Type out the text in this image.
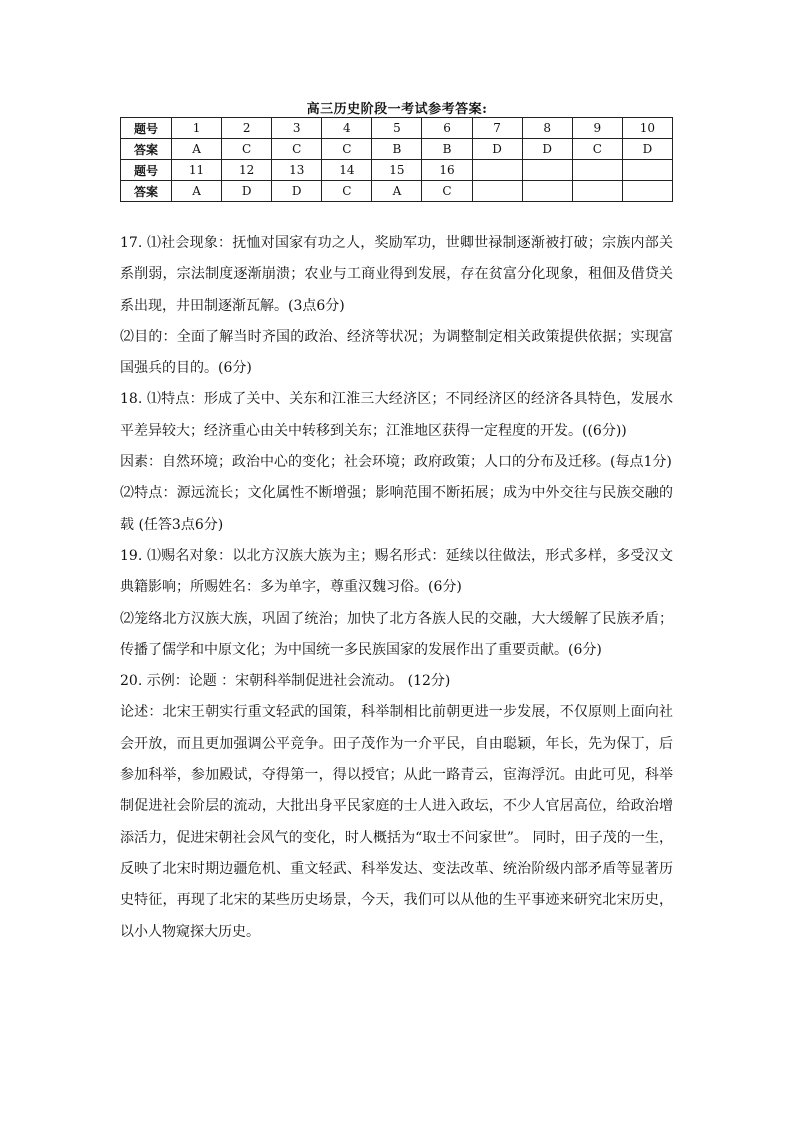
高三历史阶段一考试参考答案:
题号	1	2	3	4	5	6	7	8	9	10
答案	A	C	C	C	B	B	D	D	C	D
题号	11	12	13	14	15	16				
答案	A	D	D	C	A	C				

17. ⑴社会现象：抚恤对国家有功之人，奖励军功，世卿世禄制逐渐被打破；宗族内部关系削弱，宗法制度逐渐崩溃；农业与工商业得到发展，存在贫富分化现象，租佃及借贷关系出现，井田制逐渐瓦解。(3点6分)

⑵目的：全面了解当时齐国的政治、经济等状况；为调整制定相关政策提供依据；实现富国强兵的目的。(6分)

18. ⑴特点：形成了关中、关东和江淮三大经济区；不同经济区的经济各具特色，发展水平差异较大；经济重心由关中转移到关东；江淮地区获得一定程度的开发。((6分))

因素：自然环境；政治中心的变化；社会环境；政府政策；人口的分布及迁移。(每点1分)

⑵特点：源远流长；文化属性不断增强；影响范围不断拓展；成为中外交往与民族交融的载 (任答3点6分)

19. ⑴赐名对象：以北方汉族大族为主；赐名形式：延续以往做法，形式多样，多受汉文典籍影响；所赐姓名：多为单字，尊重汉魏习俗。(6分)

⑵笼络北方汉族大族，巩固了统治；加快了北方各族人民的交融，大大缓解了民族矛盾；传播了儒学和中原文化；为中国统一多民族国家的发展作出了重要贡献。(6分)

20. 示例：论题 ：宋朝科举制促进社会流动。 (12分)

论述：北宋王朝实行重文轻武的国策，科举制相比前朝更进一步发展，不仅原则上面向社会开放，而且更加强调公平竞争。田子茂作为一介平民，自由聪颖，年长，先为保丁，后参加科举，参加殿试，夺得第一，得以授官；从此一路青云，宦海浮沉。由此可见，科举制促进社会阶层的流动，大批出身平民家庭的士人进入政坛，不少人官居高位，给政治增添活力，促进宋朝社会风气的变化，时人概括为“取士不问家世”。 同时，田子茂的一生，反映了北宋时期边疆危机、重文轻武、科举发达、变法改革、统治阶级内部矛盾等显著历史特征，再现了北宋的某些历史场景，今天，我们可以从他的生平事迹来研究北宋历史，以小人物窥探大历史。
